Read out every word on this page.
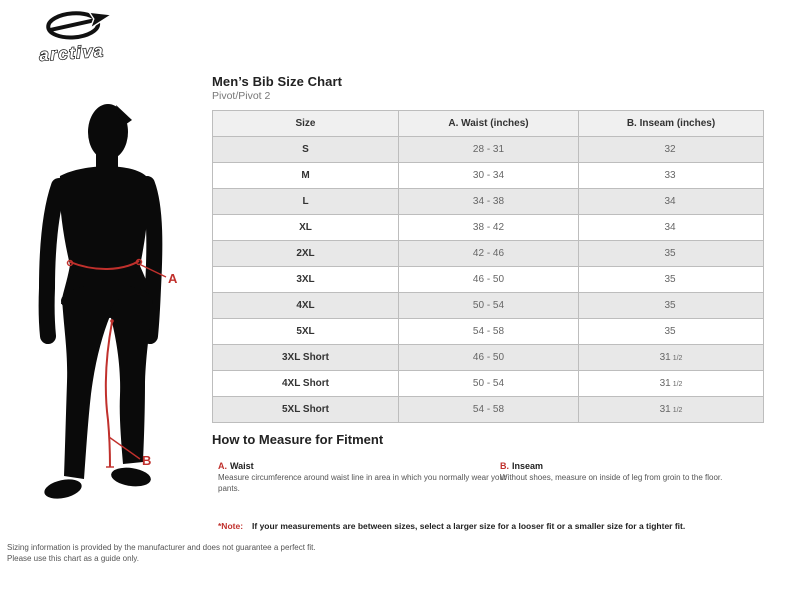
arctiva
A
B
Men’s Bib Size Chart
Pivot/Pivot 2
Size	A. Waist (inches)	B. Inseam (inches)
S	28 - 31	32
M	30 - 34	33
L	34 - 38	34
XL	38 - 42	34
2XL	42 - 46	35
3XL	46 - 50	35
4XL	50 - 54	35
5XL	54 - 58	35
3XL Short	46 - 50	31 1/2
4XL Short	50 - 54	31 1/2
5XL Short	54 - 58	31 1/2
How to Measure for Fitment
A. Waist
Measure circumference around waist line in area in which you normally wear your pants.
B. Inseam
Without shoes, measure on inside of leg from groin to the floor.
*Note: If your measurements are between sizes, select a larger size for a looser fit or a smaller size for a tighter fit.
Sizing information is provided by the manufacturer and does not guarantee a perfect fit.
Please use this chart as a guide only.
